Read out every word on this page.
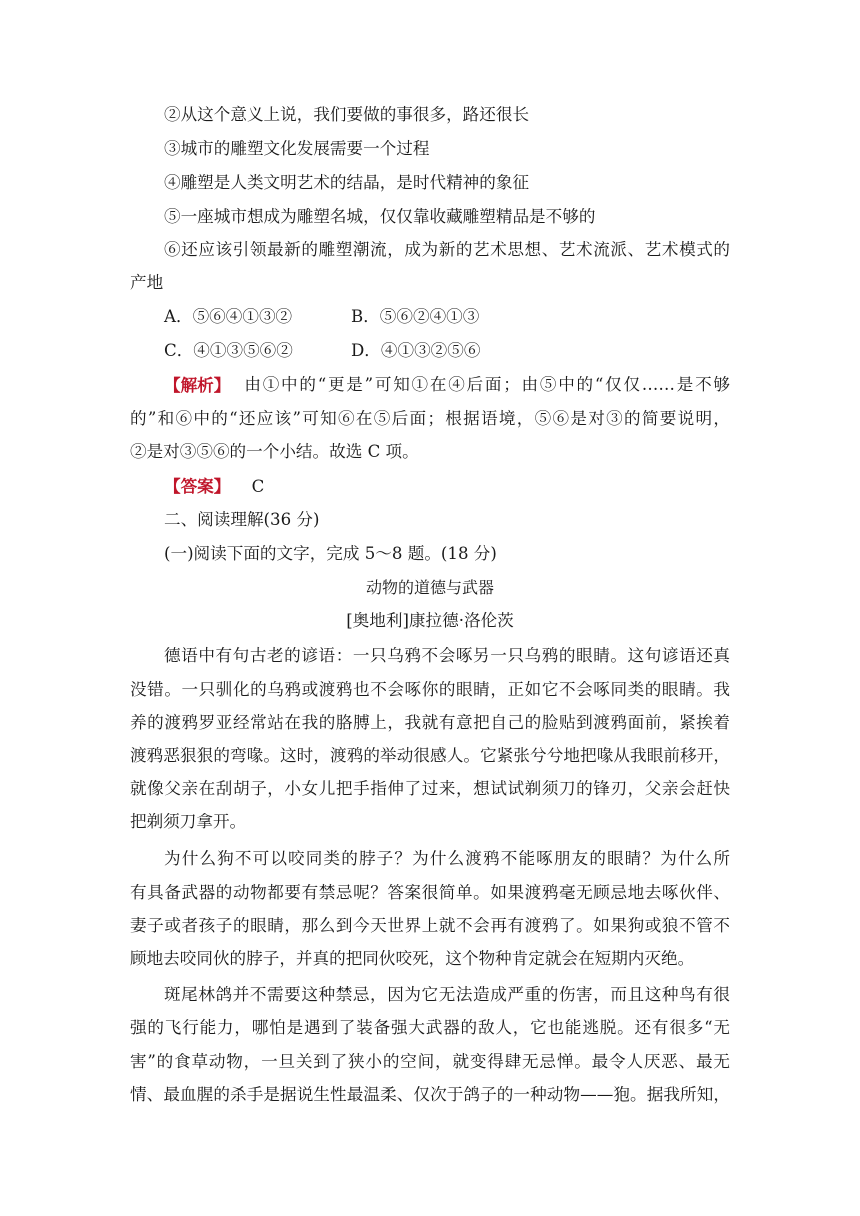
②从这个意义上说，我们要做的事很多，路还很长
③城市的雕塑文化发展需要一个过程
④雕塑是人类文明艺术的结晶，是时代精神的象征
⑤一座城市想成为雕塑名城，仅仅靠收藏雕塑精品是不够的
⑥还应该引领最新的雕塑潮流，成为新的艺术思想、艺术流派、艺术模式的
产地
A．⑤⑥④①③②	B．⑤⑥②④①③
C．④①③⑤⑥②	D．④①③②⑤⑥
【解析】 由①中的“更是”可知①在④后面；由⑤中的“仅仅……是不够
的”和⑥中的“还应该”可知⑥在⑤后面；根据语境，⑤⑥是对③的简要说明，
②是对③⑤⑥的一个小结。故选 C 项。
【答案】 C
二、阅读理解(36 分)
(一)阅读下面的文字，完成 5～8 题。(18 分)
动物的道德与武器
[奥地利]康拉德·洛伦茨
德语中有句古老的谚语：一只乌鸦不会啄另一只乌鸦的眼睛。这句谚语还真
没错。一只驯化的乌鸦或渡鸦也不会啄你的眼睛，正如它不会啄同类的眼睛。我
养的渡鸦罗亚经常站在我的胳膊上，我就有意把自己的脸贴到渡鸦面前，紧挨着
渡鸦恶狠狠的弯喙。这时，渡鸦的举动很感人。它紧张兮兮地把喙从我眼前移开，
就像父亲在刮胡子，小女儿把手指伸了过来，想试试剃须刀的锋刃，父亲会赶快
把剃须刀拿开。
为什么狗不可以咬同类的脖子？为什么渡鸦不能啄朋友的眼睛？为什么所
有具备武器的动物都要有禁忌呢？答案很简单。如果渡鸦毫无顾忌地去啄伙伴、
妻子或者孩子的眼睛，那么到今天世界上就不会再有渡鸦了。如果狗或狼不管不
顾地去咬同伙的脖子，并真的把同伙咬死，这个物种肯定就会在短期内灭绝。
斑尾林鸽并不需要这种禁忌，因为它无法造成严重的伤害，而且这种鸟有很
强的飞行能力，哪怕是遇到了装备强大武器的敌人，它也能逃脱。还有很多“无
害”的食草动物，一旦关到了狭小的空间，就变得肆无忌惮。最令人厌恶、最无
情、最血腥的杀手是据说生性最温柔、仅次于鸽子的一种动物——狍。据我所知，
